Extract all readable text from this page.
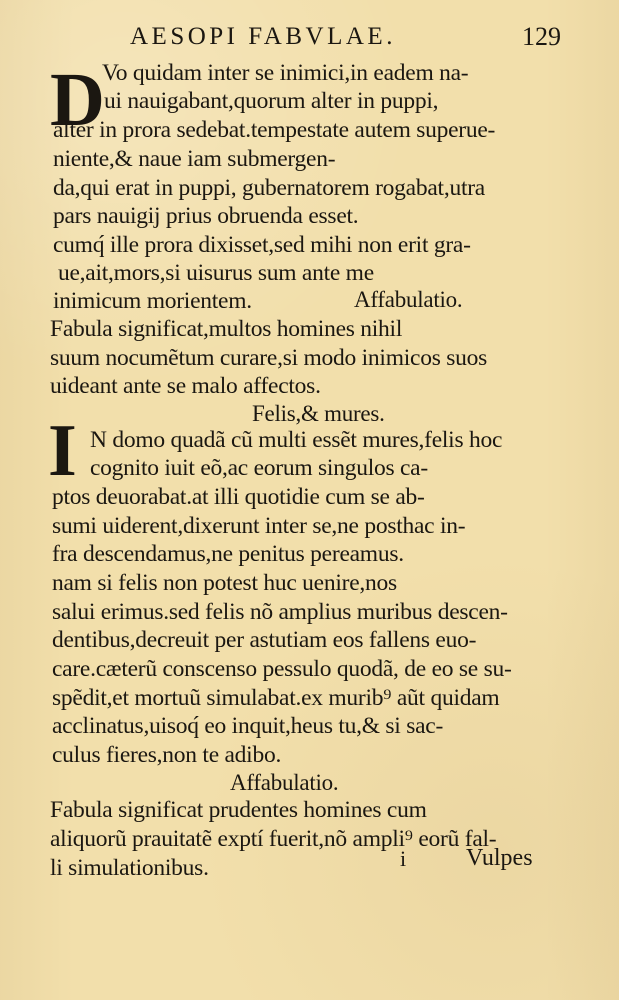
AESOPI FABVLAE.	129
D
Vo quidam inter se inimici,in eadem na-
ui nauigabant,quorum alter in puppi,
alter in prora sedebat.tempestate autem superue-
niente,& naue iam submergen-
da,qui erat in puppi, gubernatorem rogabat,utra
pars nauigij prius obruenda esset.
cumq́ ille prora dixisset,sed mihi non erit gra-
ue,ait,mors,si uisurus sum ante me
inimicum morientem.	Affabulatio.
Fabula significat,multos homines nihil
suum nocumẽtum curare,si modo inimicos suos
uideant ante se malo affectos.
Felis,& mures.
I N domo quadã cũ multi essẽt mures,felis hoc
cognito iuit eõ,ac eorum singulos ca-
ptos deuorabat.at illi quotidie cum se ab-
sumi uiderent,dixerunt inter se,ne posthac in-
fra descendamus,ne penitus pereamus.
nam si felis non potest huc uenire,nos
salui erimus.sed felis nõ amplius muribus descen-
dentibus,decreuit per astutiam eos fallens euo-
care.cæterũ conscenso pessulo quodã, de eo se su-
spẽdit,et mortuũ simulabat.ex murib⁹ aũt quidam
acclinatus,uisoq́ eo inquit,heus tu,& si sac-
culus fieres,non te adibo.
Affabulatio.
Fabula significat prudentes homines cum
aliquorũ prauitatẽ exptí fuerit,nõ ampli⁹ eorũ fal-
li simulationibus.	i Vulpes
